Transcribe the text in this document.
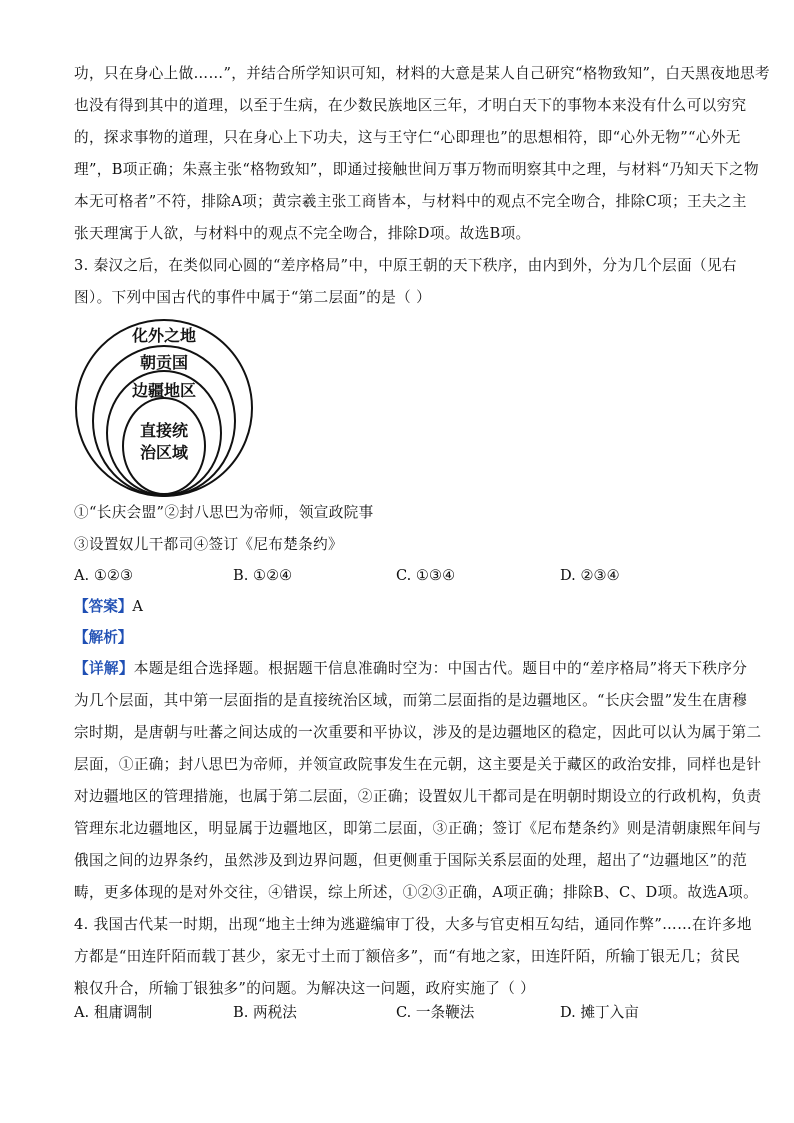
功，只在身心上做……”，并结合所学知识可知，材料的大意是某人自己研究“格物致知”，白天黑夜地思考
也没有得到其中的道理，以至于生病，在少数民族地区三年，才明白天下的事物本来没有什么可以穷究
的，探求事物的道理，只在身心上下功夫，这与王守仁“心即理也”的思想相符，即“心外无物”“心外无
理”，B项正确；朱熹主张“格物致知”，即通过接触世间万事万物而明察其中之理，与材料“乃知天下之物
本无可格者”不符，排除A项；黄宗羲主张工商皆本，与材料中的观点不完全吻合，排除C项；王夫之主
张天理寓于人欲，与材料中的观点不完全吻合，排除D项。故选B项。
3. 秦汉之后，在类似同心圆的“差序格局”中，中原王朝的天下秩序，由内到外，分为几个层面（见右
图）。下列中国古代的事件中属于“第二层面”的是（ ）
化外之地
朝贡国
边疆地区
直接统
治区域
①“长庆会盟”②封八思巴为帝师，领宣政院事
③设置奴儿干都司④签订《尼布楚条约》
A. ①②③	B. ①②④	C. ①③④	D. ②③④
【答案】A
【解析】
【详解】本题是组合选择题。根据题干信息准确时空为：中国古代。题目中的“差序格局”将天下秩序分
为几个层面，其中第一层面指的是直接统治区域，而第二层面指的是边疆地区。“长庆会盟”发生在唐穆
宗时期，是唐朝与吐蕃之间达成的一次重要和平协议，涉及的是边疆地区的稳定，因此可以认为属于第二
层面，①正确；封八思巴为帝师，并领宣政院事发生在元朝，这主要是关于藏区的政治安排，同样也是针
对边疆地区的管理措施，也属于第二层面，②正确；设置奴儿干都司是在明朝时期设立的行政机构，负责
管理东北边疆地区，明显属于边疆地区，即第二层面，③正确；签订《尼布楚条约》则是清朝康熙年间与
俄国之间的边界条约，虽然涉及到边界问题，但更侧重于国际关系层面的处理，超出了“边疆地区”的范
畴，更多体现的是对外交往，④错误，综上所述，①②③正确，A项正确；排除B、C、D项。故选A项。
4. 我国古代某一时期，出现“地主士绅为逃避编审丁役，大多与官吏相互勾结，通同作弊”……在许多地
方都是“田连阡陌而载丁甚少，家无寸土而丁额倍多”，而“有地之家，田连阡陌，所输丁银无几；贫民
粮仅升合，所输丁银独多”的问题。为解决这一问题，政府实施了（ ）
A. 租庸调制	B. 两税法	C. 一条鞭法	D. 摊丁入亩
